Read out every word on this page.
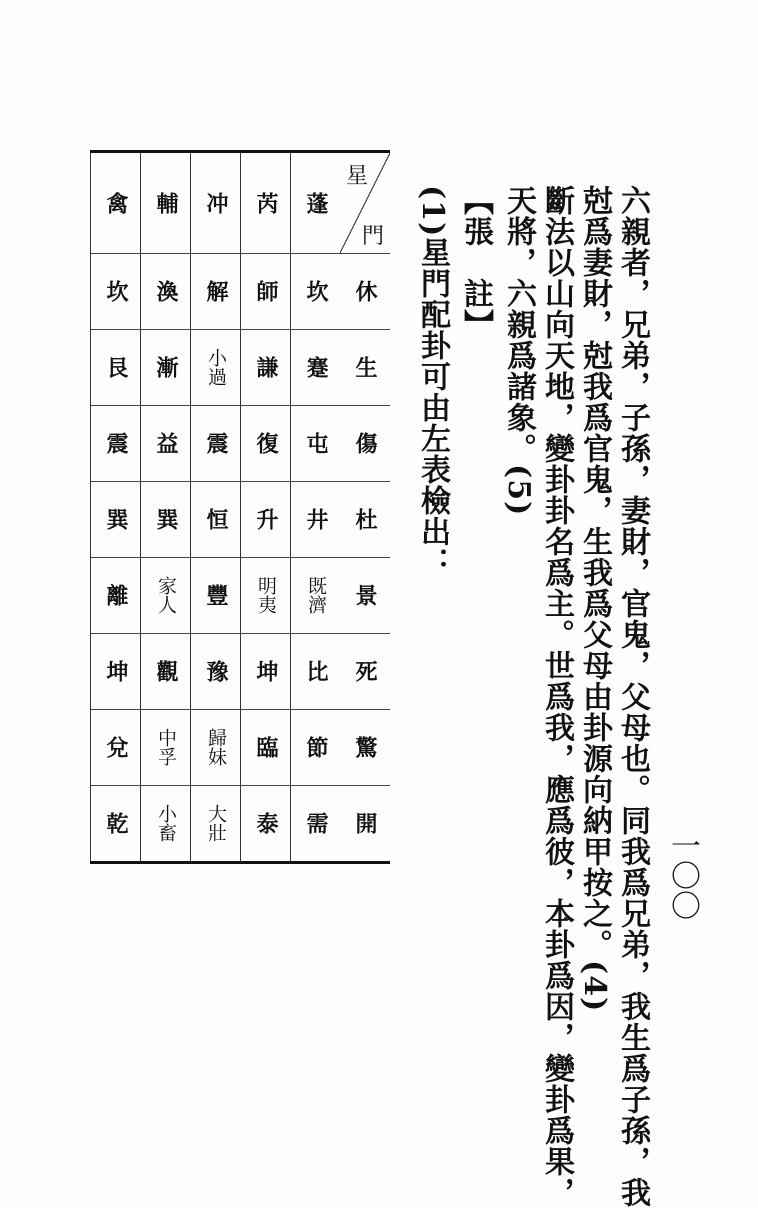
一〇〇
六親者，兄弟，子孫，妻財，官鬼，父母也。同我爲兄弟，我生爲子孫，我
尅爲妻財，尅我爲官鬼，生我爲父母由卦源向納甲按之。(4)
斷法以山向天地，變卦卦名爲主。世爲我，應爲彼，本卦爲因，變卦爲果，
天將，六親爲諸象。(5)
【張　註】
(1)星門配卦可由左表檢出：
星
門
休
生
傷
杜
景
死
驚
開
蓬
坎
蹇
屯
井
既濟
比
節
需
芮
師
謙
復
升
明夷
坤
臨
泰
冲
解
小過
震
恒
豐
豫
歸妹
大壯
輔
渙
漸
益
巽
家人
觀
中孚
小畜
禽
坎
艮
震
巽
離
坤
兌
乾
